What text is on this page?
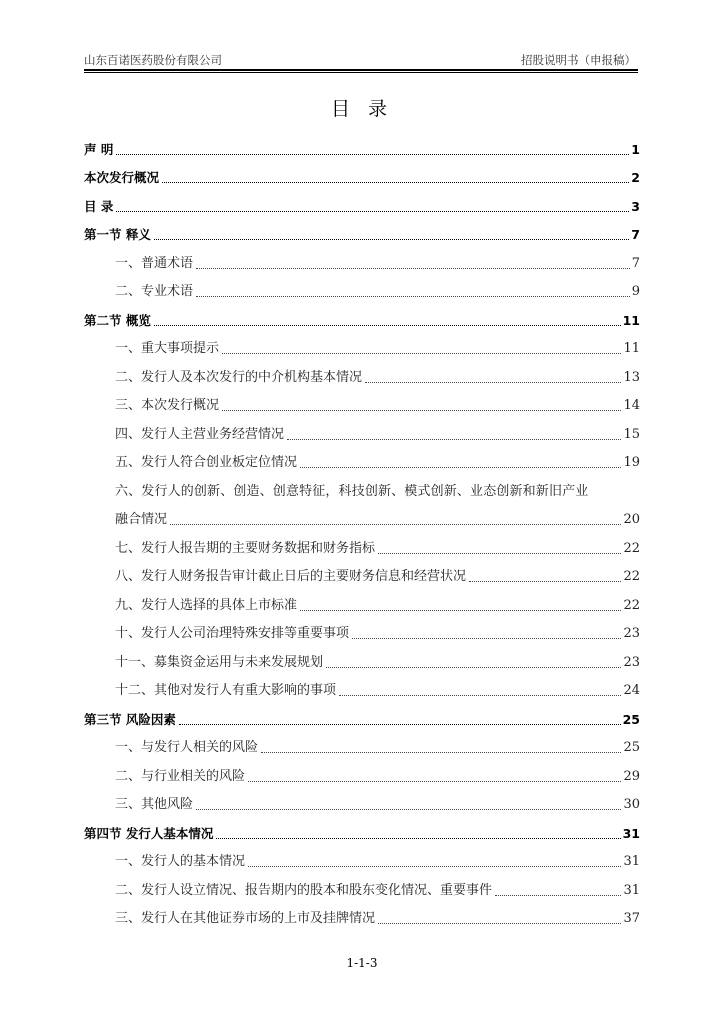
山东百诺医药股份有限公司	招股说明书（申报稿）
目 录
声 明	1
本次发行概况	2
目 录	3
第一节 释义	7
一、普通术语	7
二、专业术语	9
第二节 概览	11
一、重大事项提示	11
二、发行人及本次发行的中介机构基本情况	13
三、本次发行概况	14
四、发行人主营业务经营情况	15
五、发行人符合创业板定位情况	19
六、发行人的创新、创造、创意特征，科技创新、模式创新、业态创新和新旧产业
融合情况	20
七、发行人报告期的主要财务数据和财务指标	22
八、发行人财务报告审计截止日后的主要财务信息和经营状况	22
九、发行人选择的具体上市标准	22
十、发行人公司治理特殊安排等重要事项	23
十一、募集资金运用与未来发展规划	23
十二、其他对发行人有重大影响的事项	24
第三节 风险因素	25
一、与发行人相关的风险	25
二、与行业相关的风险	29
三、其他风险	30
第四节 发行人基本情况	31
一、发行人的基本情况	31
二、发行人设立情况、报告期内的股本和股东变化情况、重要事件	31
三、发行人在其他证券市场的上市及挂牌情况	37
1-1-3
